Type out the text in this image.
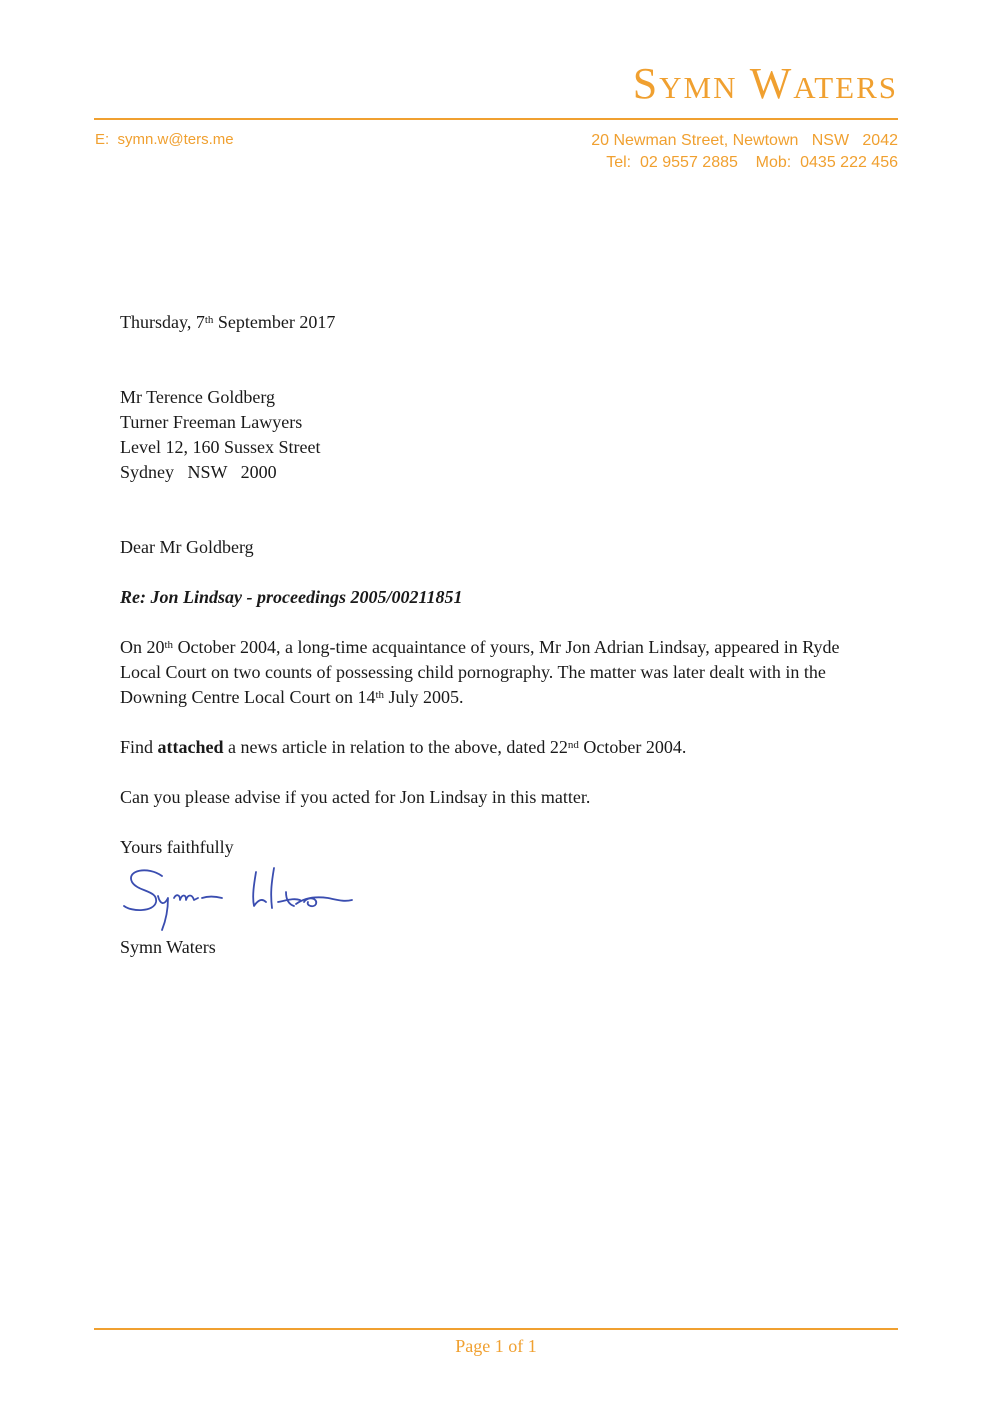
Symn Waters
E: symn.w@ters.me	20 Newman Street, Newtown   NSW   2042
Tel:  02 9557 2885    Mob:  0435 222 456
Thursday, 7th September 2017
Mr Terence Goldberg
Turner Freeman Lawyers
Level 12, 160 Sussex Street
Sydney   NSW   2000
Dear Mr Goldberg
Re: Jon Lindsay - proceedings 2005/00211851
On 20th October 2004, a long-time acquaintance of yours, Mr Jon Adrian Lindsay, appeared in Ryde Local Court on two counts of possessing child pornography. The matter was later dealt with in the Downing Centre Local Court on 14th July 2005.
Find attached a news article in relation to the above, dated 22nd October 2004.
Can you please advise if you acted for Jon Lindsay in this matter.
Yours faithfully
Symn Waters
Page 1 of 1
